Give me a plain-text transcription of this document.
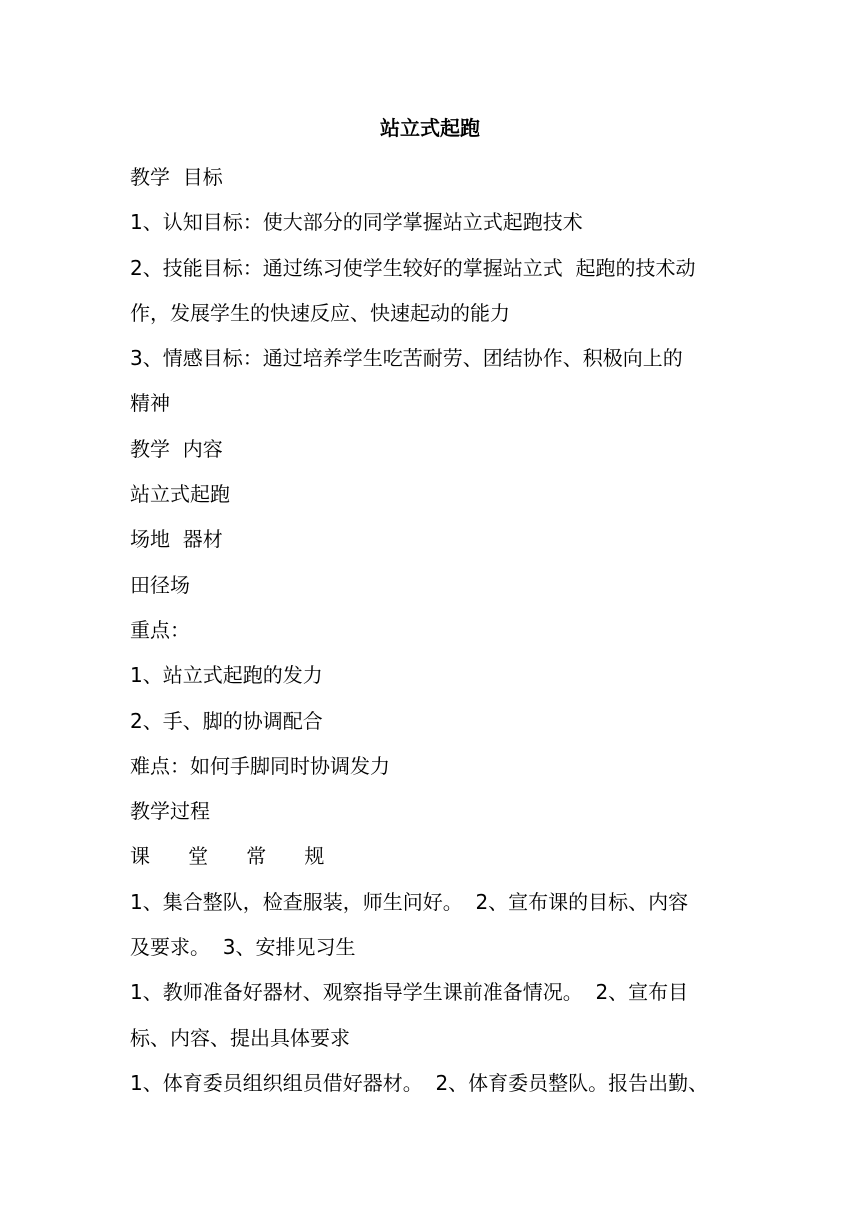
站立式起跑
教学  目标
1、认知目标：使大部分的同学掌握站立式起跑技术
2、技能目标：通过练习使学生较好的掌握站立式  起跑的技术动
作，发展学生的快速反应、快速起动的能力
3、情感目标：通过培养学生吃苦耐劳、团结协作、积极向上的
精神
教学  内容
站立式起跑
场地  器材
田径场
重点：
1、站立式起跑的发力
2、手、脚的协调配合
难点：如何手脚同时协调发力
教学过程
课      堂      常      规
1、集合整队，检查服装，师生问好。  2、宣布课的目标、内容
及要求。  3、安排见习生
1、教师准备好器材、观察指导学生课前准备情况。  2、宣布目
标、内容、提出具体要求
1、体育委员组织组员借好器材。  2、体育委员整队。报告出勤、
